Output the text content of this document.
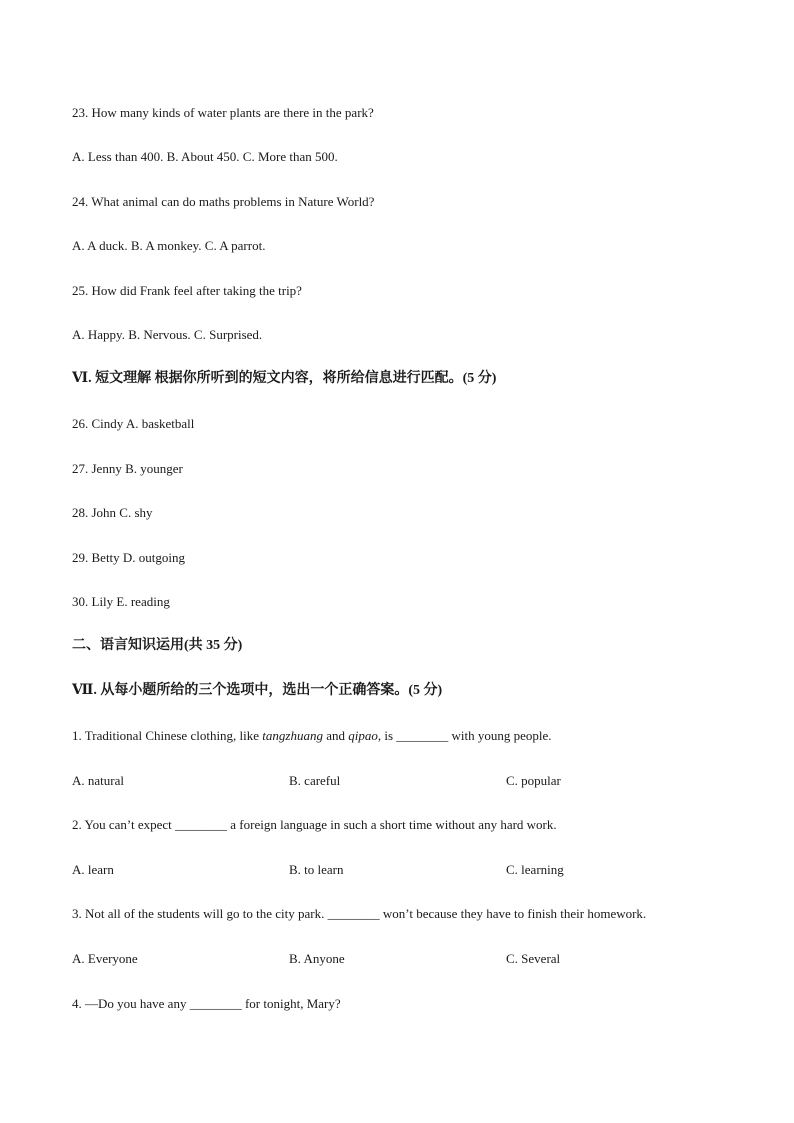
23. How many kinds of water plants are there in the park?
A. Less than 400. B. About 450. C. More than 500.
24. What animal can do maths problems in Nature World?
A. A duck. B. A monkey. C. A parrot.
25. How did Frank feel after taking the trip?
A. Happy. B. Nervous. C. Surprised.
Ⅵ. 短文理解 根据你所听到的短文内容，将所给信息进行匹配。(5 分)
26. Cindy A. basketball
27. Jenny B. younger
28. John C. shy
29. Betty D. outgoing
30. Lily E. reading
二、语言知识运用(共 35 分)
Ⅶ. 从每小题所给的三个选项中，选出一个正确答案。(5 分)
1. Traditional Chinese clothing, like tangzhuang and qipao, is ________ with young people.
A. natural	B. careful	C. popular
2. You can’t expect ________ a foreign language in such a short time without any hard work.
A. learn	B. to learn	C. learning
3. Not all of the students will go to the city park. ________ won’t because they have to finish their homework.
A. Everyone	B. Anyone	C. Several
4. —Do you have any ________ for tonight, Mary?
